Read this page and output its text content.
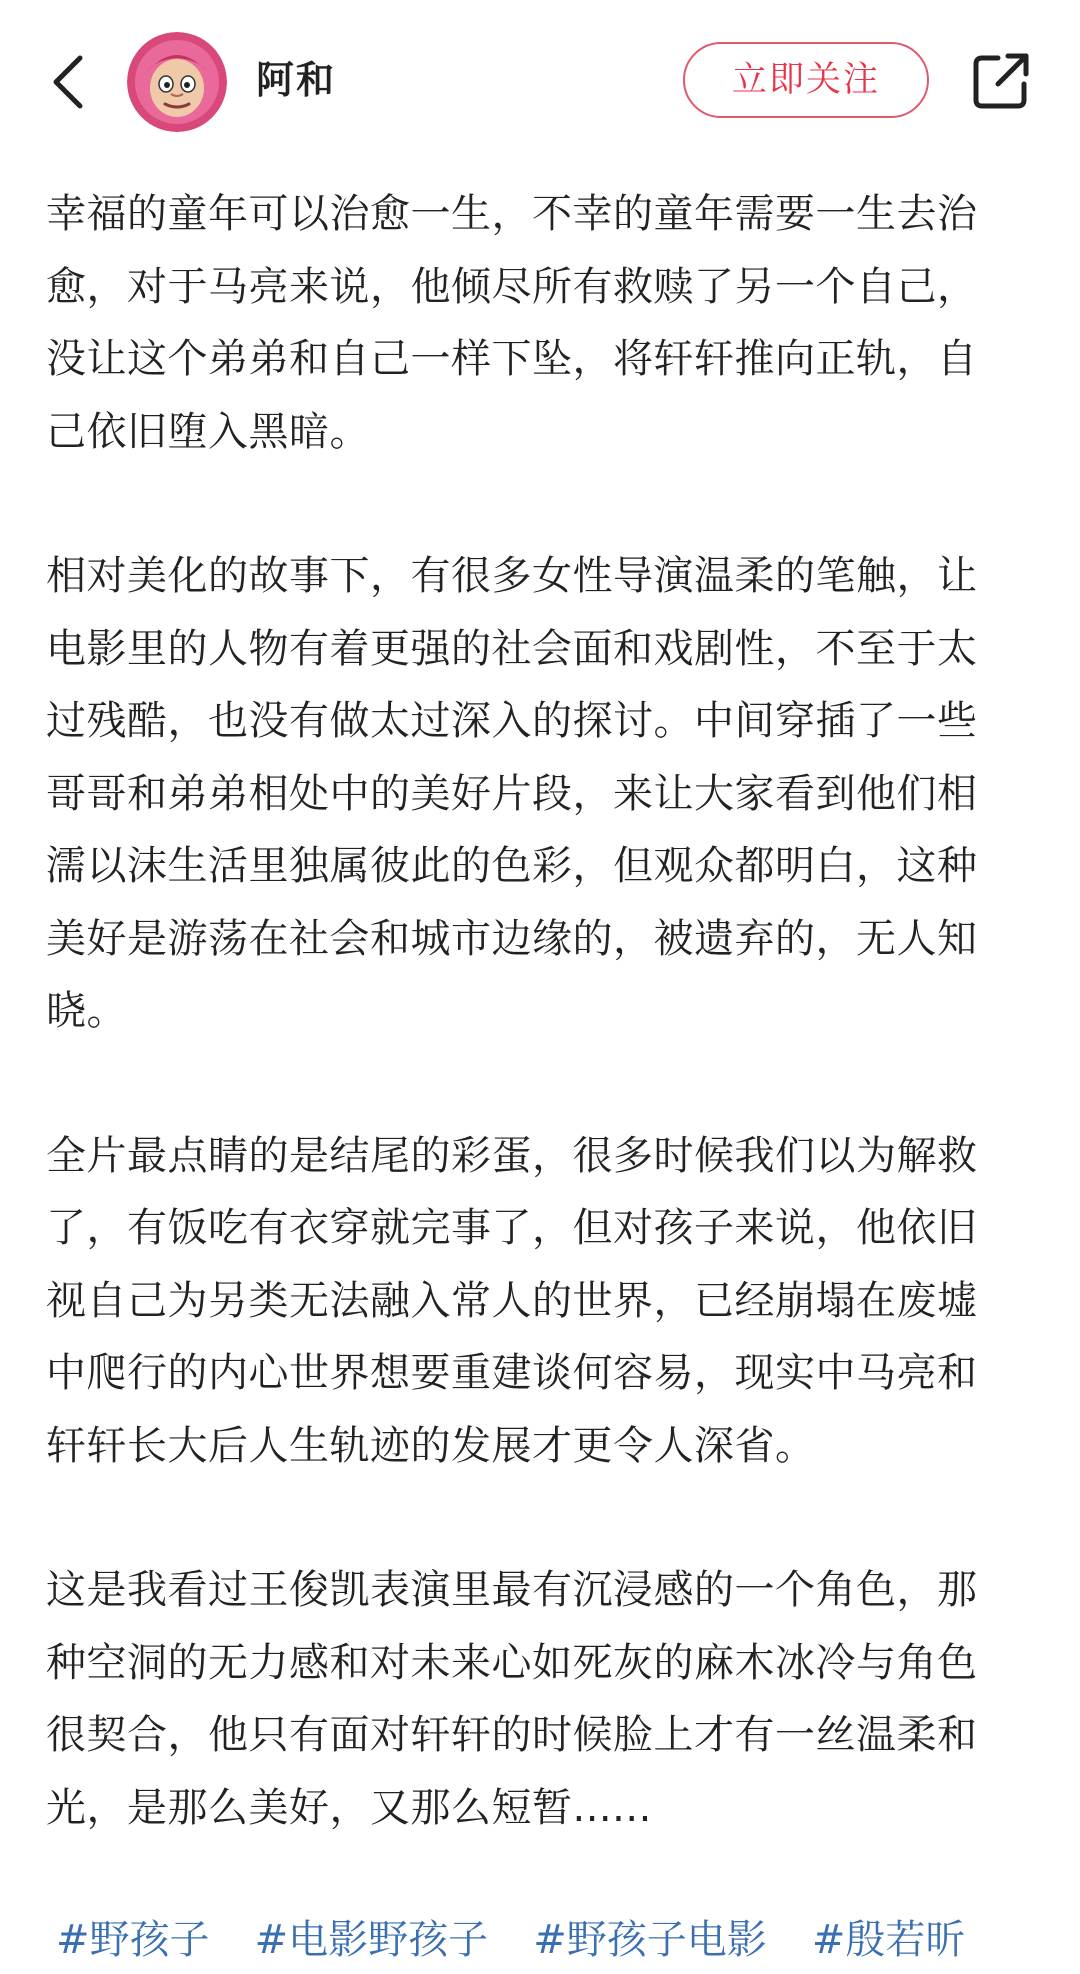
阿和	立即关注

幸福的童年可以治愈一生，不幸的童年需要一生去治愈，对于马亮来说，他倾尽所有救赎了另一个自己，没让这个弟弟和自己一样下坠，将轩轩推向正轨，自己依旧堕入黑暗。

相对美化的故事下，有很多女性导演温柔的笔触，让电影里的人物有着更强的社会面和戏剧性，不至于太过残酷，也没有做太过深入的探讨。中间穿插了一些哥哥和弟弟相处中的美好片段，来让大家看到他们相濡以沫生活里独属彼此的色彩，但观众都明白，这种美好是游荡在社会和城市边缘的，被遗弃的，无人知晓。

全片最点睛的是结尾的彩蛋，很多时候我们以为解救了，有饭吃有衣穿就完事了，但对孩子来说，他依旧视自己为另类无法融入常人的世界，已经崩塌在废墟中爬行的内心世界想要重建谈何容易，现实中马亮和轩轩长大后人生轨迹的发展才更令人深省。

这是我看过王俊凯表演里最有沉浸感的一个角色，那种空洞的无力感和对未来心如死灰的麻木冰冷与角色很契合，他只有面对轩轩的时候脸上才有一丝温柔和光，是那么美好，又那么短暂......

#野孩子 #电影野孩子 #野孩子电影 #殷若昕
